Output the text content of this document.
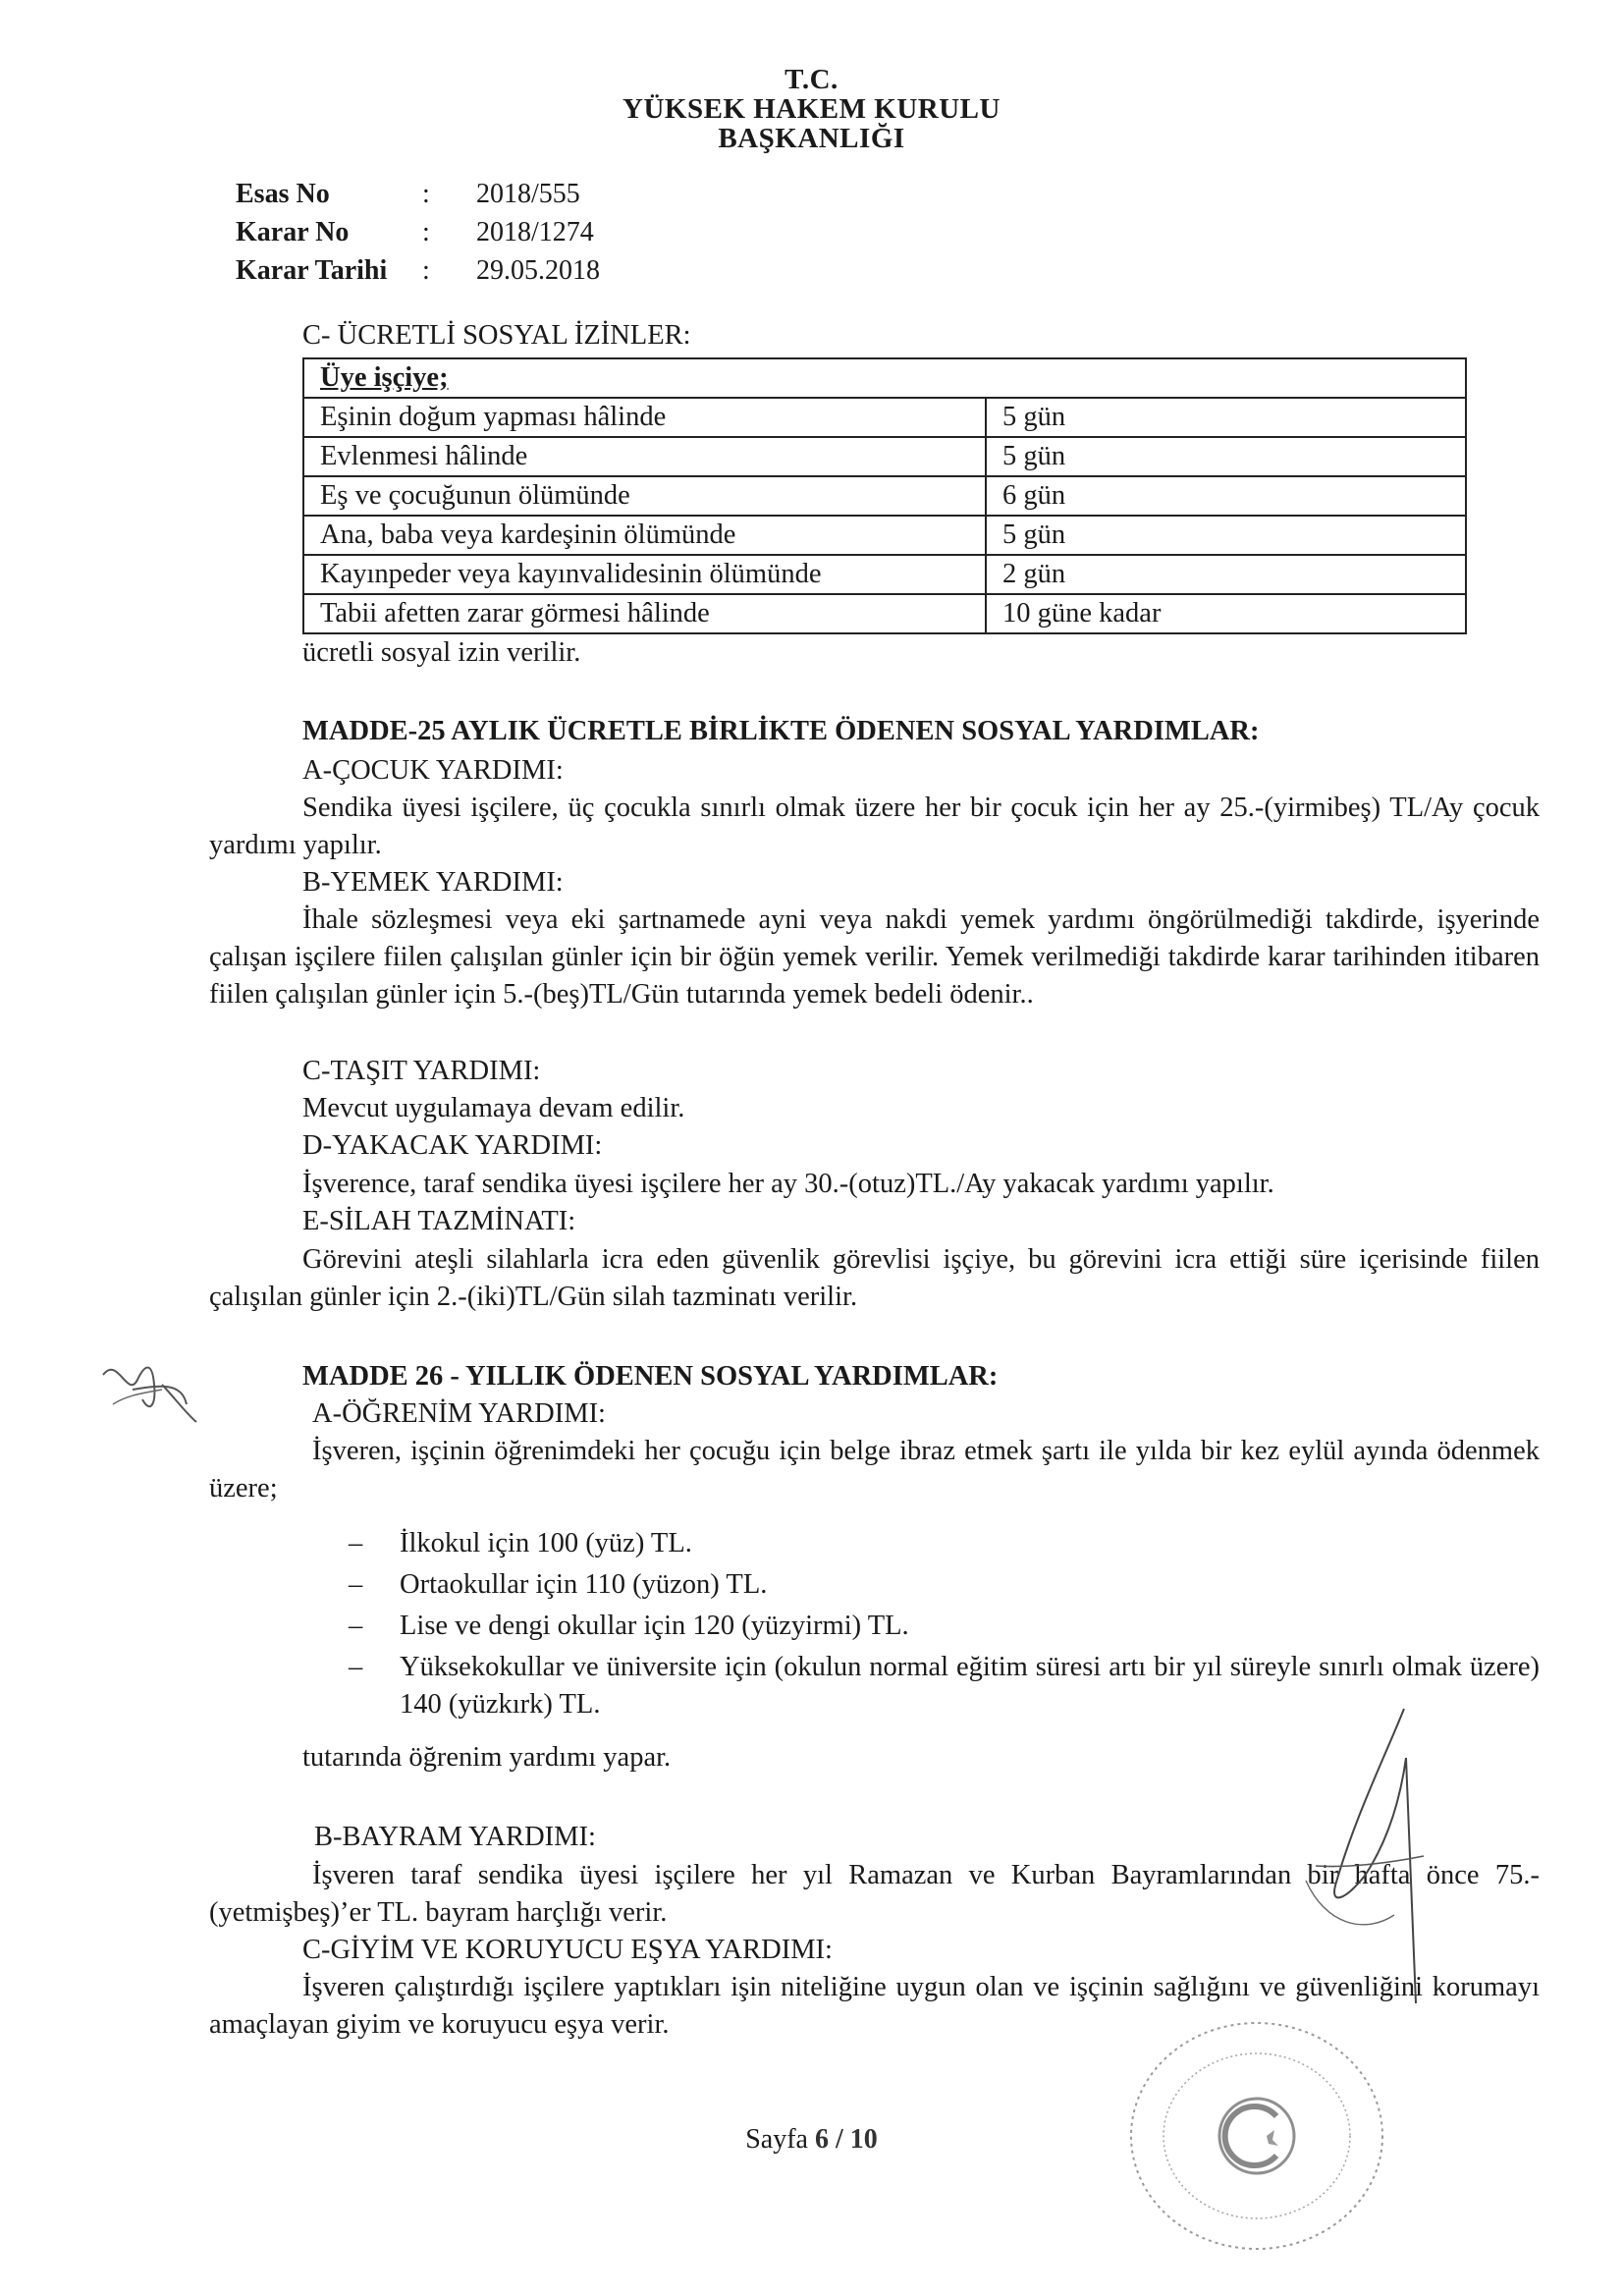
T.C.
YÜKSEK HAKEM KURULU
BAŞKANLIĞI
Esas No	:	2018/555
Karar No	:	2018/1274
Karar Tarihi	:	29.05.2018
C- ÜCRETLİ SOSYAL İZİNLER:
Üye işçiye;	
Eşinin doğum yapması hâlinde	5 gün
Evlenmesi hâlinde	5 gün
Eş ve çocuğunun ölümünde	6 gün
Ana, baba veya kardeşinin ölümünde	5 gün
Kayınpeder veya kayınvalidesinin ölümünde	2 gün
Tabii afetten zarar görmesi hâlinde	10 güne kadar
ücretli sosyal izin verilir.
MADDE-25 AYLIK ÜCRETLE BİRLİKTE ÖDENEN SOSYAL YARDIMLAR:
A-ÇOCUK YARDIMI:
Sendika üyesi işçilere, üç çocukla sınırlı olmak üzere her bir çocuk için her ay 25.-(yirmibeş) TL/Ay çocuk yardımı yapılır.
B-YEMEK YARDIMI:
İhale sözleşmesi veya eki şartnamede ayni veya nakdi yemek yardımı öngörülmediği takdirde, işyerinde çalışan işçilere fiilen çalışılan günler için bir öğün yemek verilir. Yemek verilmediği takdirde karar tarihinden itibaren fiilen çalışılan günler için 5.-(beş)TL/Gün tutarında yemek bedeli ödenir..
C-TAŞIT YARDIMI:
Mevcut uygulamaya devam edilir.
D-YAKACAK YARDIMI:
İşverence, taraf sendika üyesi işçilere her ay 30.-(otuz)TL./Ay yakacak yardımı yapılır.
E-SİLAH TAZMİNATI:
Görevini ateşli silahlarla icra eden güvenlik görevlisi işçiye, bu görevini icra ettiği süre içerisinde fiilen çalışılan günler için 2.-(iki)TL/Gün silah tazminatı verilir.
MADDE 26 - YILLIK ÖDENEN SOSYAL YARDIMLAR:
A-ÖĞRENİM YARDIMI:
İşveren, işçinin öğrenimdeki her çocuğu için belge ibraz etmek şartı ile yılda bir kez eylül ayında ödenmek üzere;
– İlkokul için 100 (yüz) TL.
– Ortaokullar için 110 (yüzon) TL.
– Lise ve dengi okullar için 120 (yüzyirmi) TL.
– Yüksekokullar ve üniversite için (okulun normal eğitim süresi artı bir yıl süreyle sınırlı olmak üzere) 140 (yüzkırk) TL.
tutarında öğrenim yardımı yapar.
B-BAYRAM YARDIMI:
İşveren taraf sendika üyesi işçilere her yıl Ramazan ve Kurban Bayramlarından bir hafta önce 75.-(yetmişbeş)’er TL. bayram harçlığı verir.
C-GİYİM VE KORUYUCU EŞYA YARDIMI:
İşveren çalıştırdığı işçilere yaptıkları işin niteliğine uygun olan ve işçinin sağlığını ve güvenliğini korumayı amaçlayan giyim ve koruyucu eşya verir.
Sayfa 6 / 10
